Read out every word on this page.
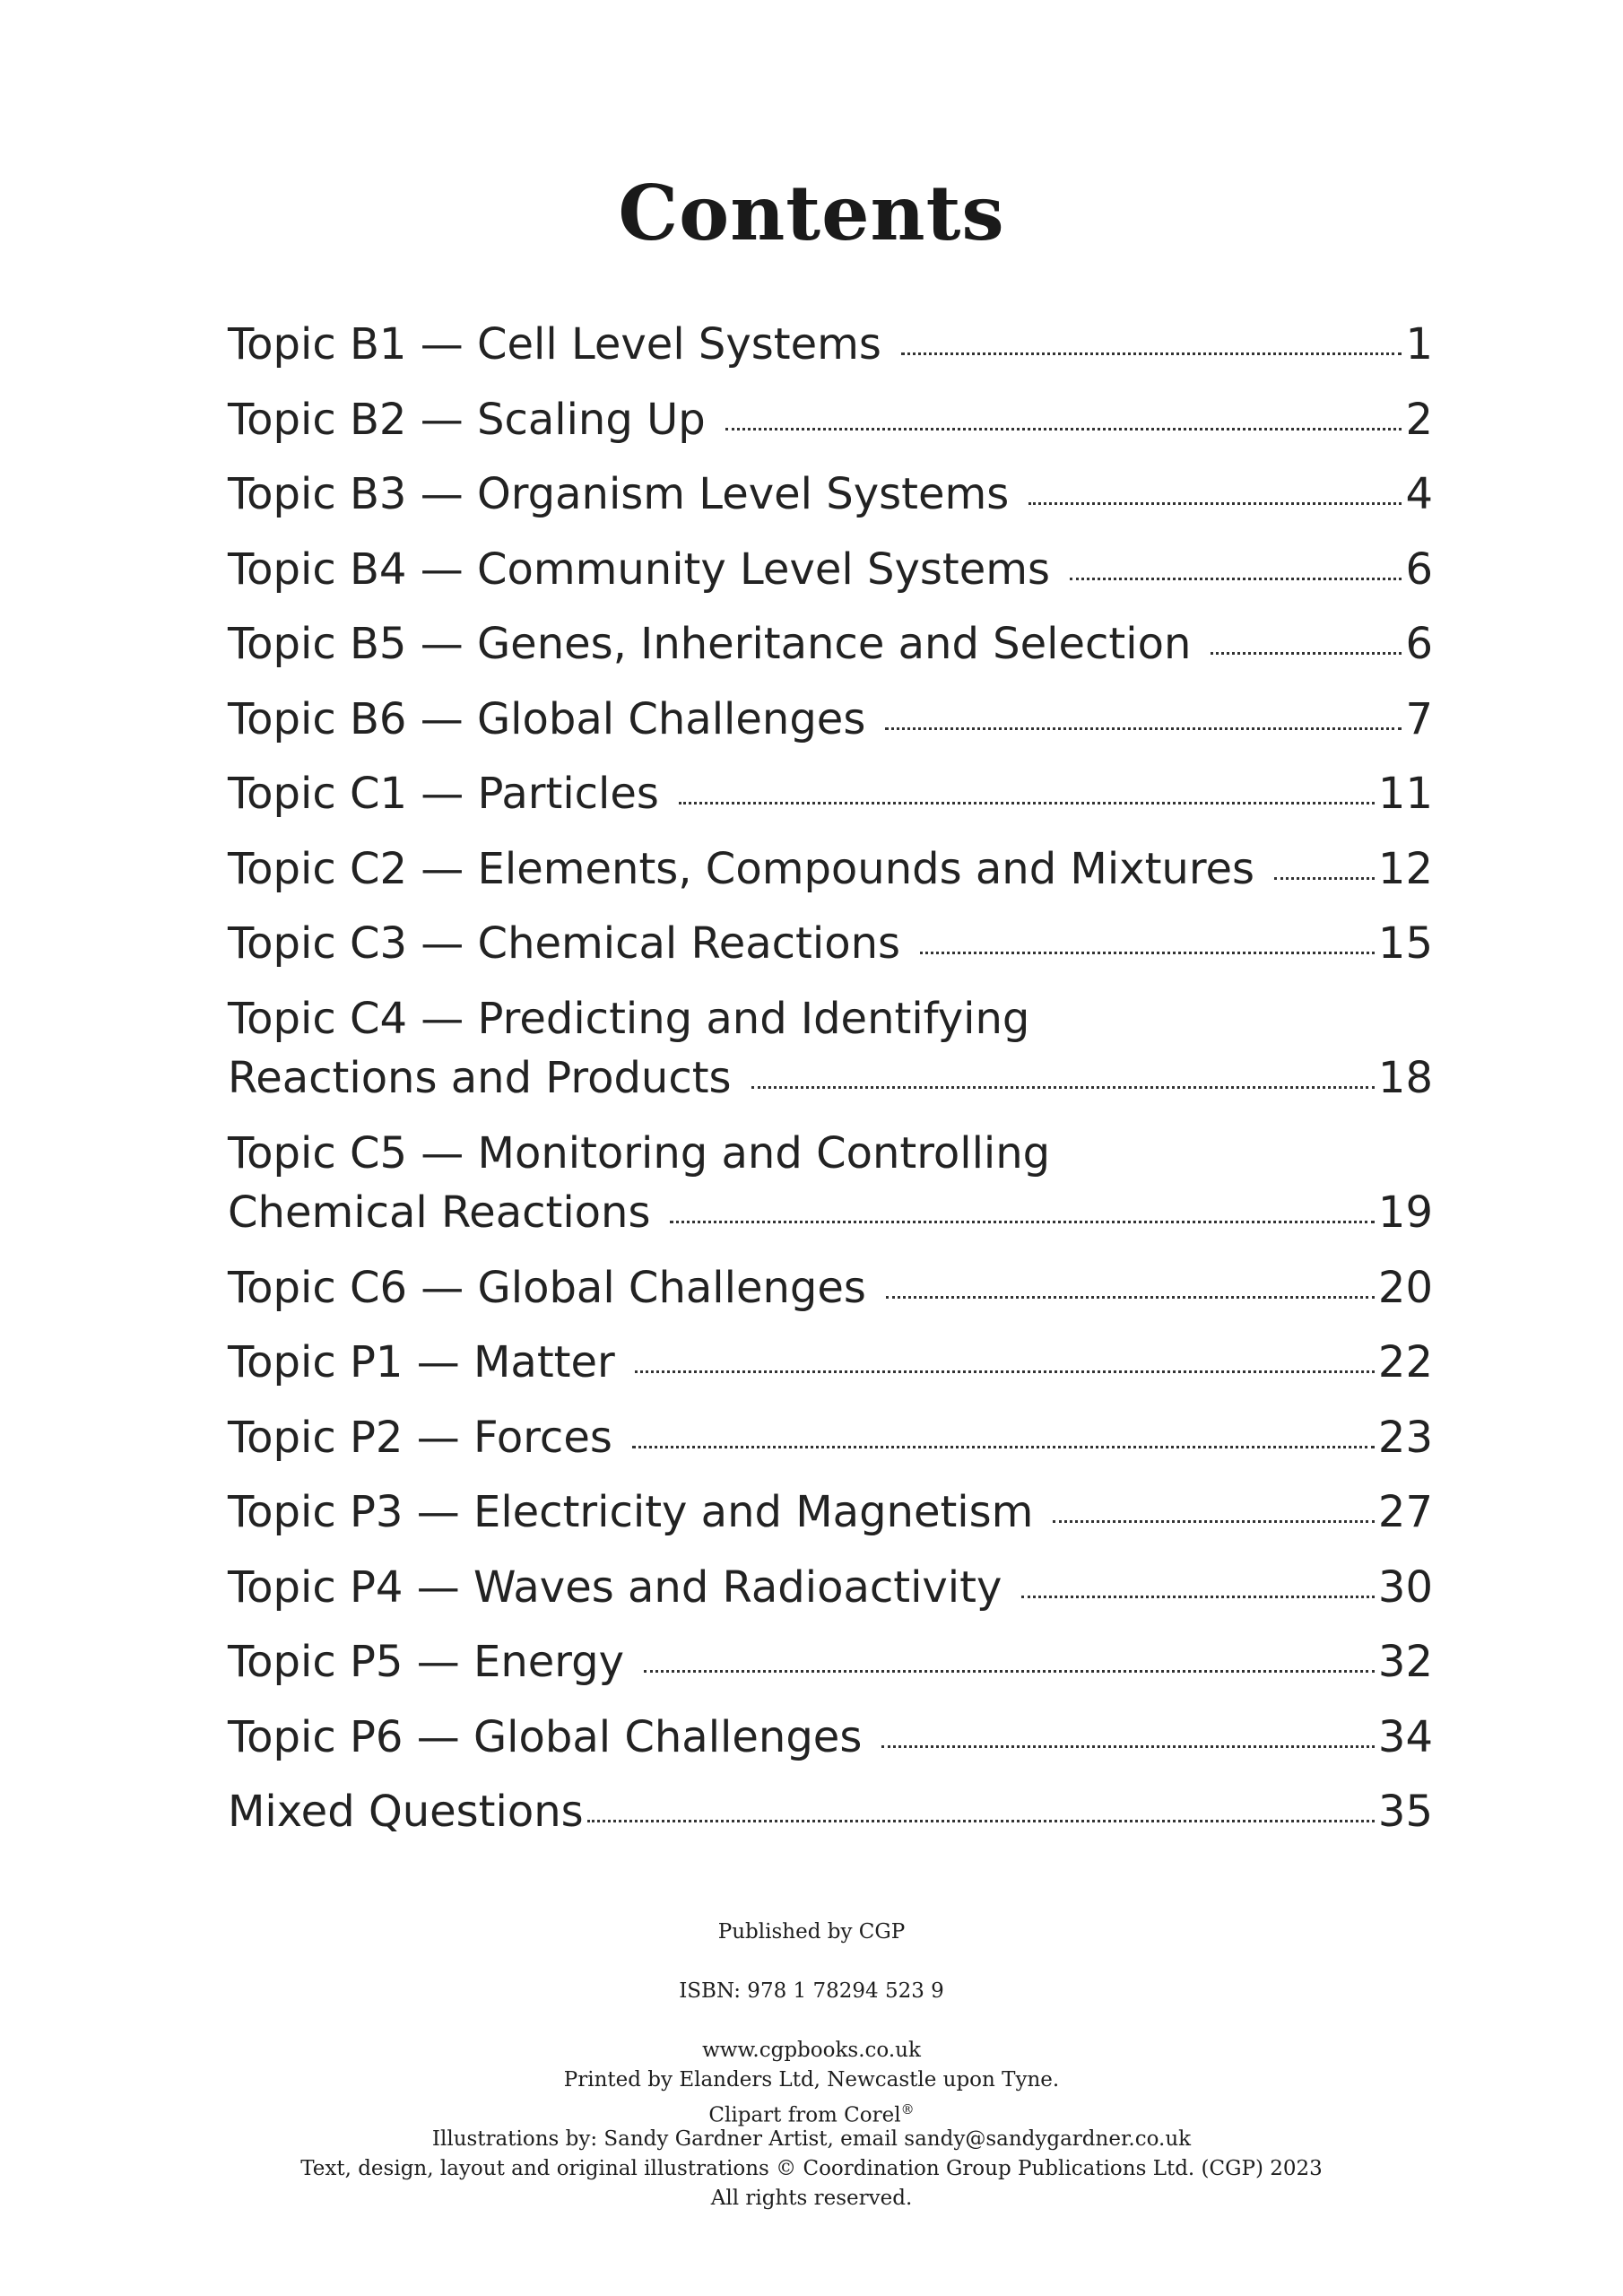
Contents
Topic B1 — Cell Level Systems	1
Topic B2 — Scaling Up	2
Topic B3 — Organism Level Systems	4
Topic B4 — Community Level Systems	6
Topic B5 — Genes, Inheritance and Selection	6
Topic B6 — Global Challenges	7
Topic C1 — Particles	11
Topic C2 — Elements, Compounds and Mixtures	12
Topic C3 — Chemical Reactions	15
Topic C4 — Predicting and Identifying
Reactions and Products	18
Topic C5 — Monitoring and Controlling
Chemical Reactions	19
Topic C6 — Global Challenges	20
Topic P1 — Matter	22
Topic P2 — Forces	23
Topic P3 — Electricity and Magnetism	27
Topic P4 — Waves and Radioactivity	30
Topic P5 — Energy	32
Topic P6 — Global Challenges	34
Mixed Questions	35
Published by CGP
ISBN: 978 1 78294 523 9
www.cgpbooks.co.uk
Printed by Elanders Ltd, Newcastle upon Tyne.
Clipart from Corel®
Illustrations by: Sandy Gardner Artist, email sandy@sandygardner.co.uk
Text, design, layout and original illustrations © Coordination Group Publications Ltd. (CGP) 2023
All rights reserved.
